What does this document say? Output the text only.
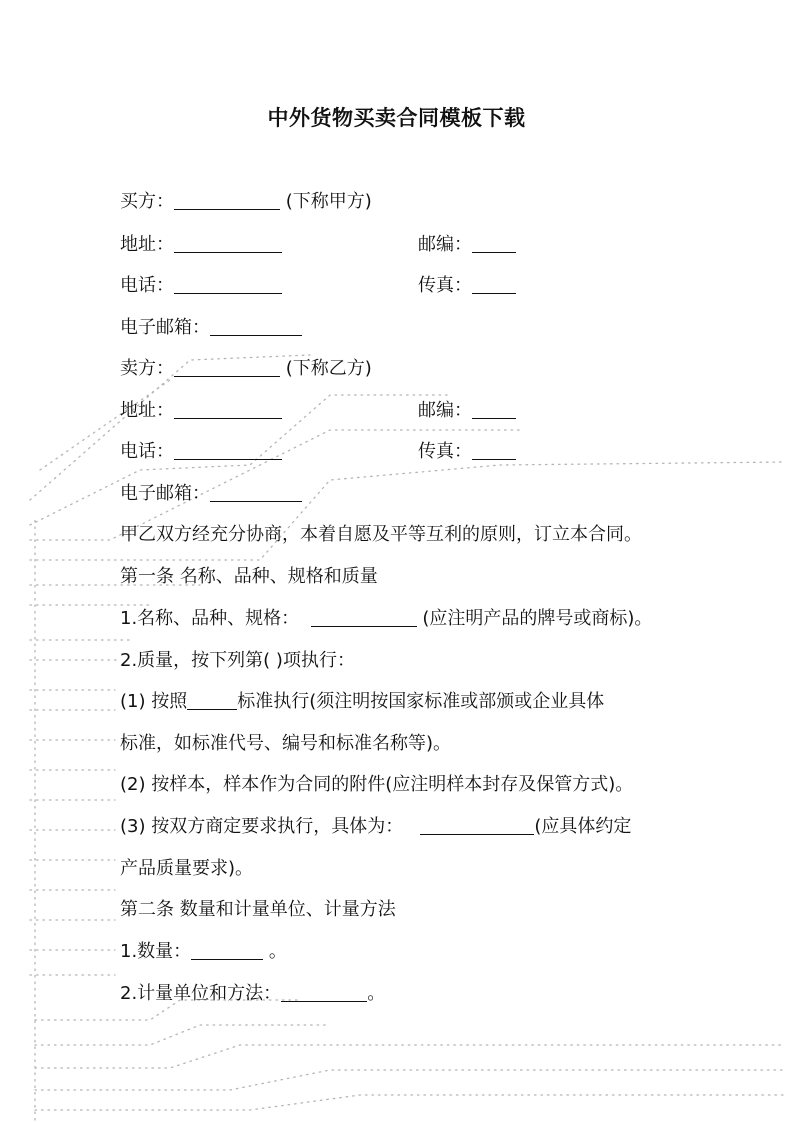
中外货物买卖合同模板下载
买方：	(下称甲方)
地址：	邮编：
电话：	传真：
电子邮箱：
卖方：	(下称乙方)
地址：	邮编：
电话：	传真：
电子邮箱：
甲乙双方经充分协商，本着自愿及平等互利的原则，订立本合同。
第一条 名称、品种、规格和质量
1.名称、品种、规格：	(应注明产品的牌号或商标)。
2.质量，按下列第( )项执行：
(1) 按照	标准执行(须注明按国家标准或部颁或企业具体
标准，如标准代号、编号和标准名称等)。
(2) 按样本，样本作为合同的附件(应注明样本封存及保管方式)。
(3) 按双方商定要求执行，具体为：	(应具体约定
产品质量要求)。
第二条 数量和计量单位、计量方法
1.数量：	。
2.计量单位和方法：	。
